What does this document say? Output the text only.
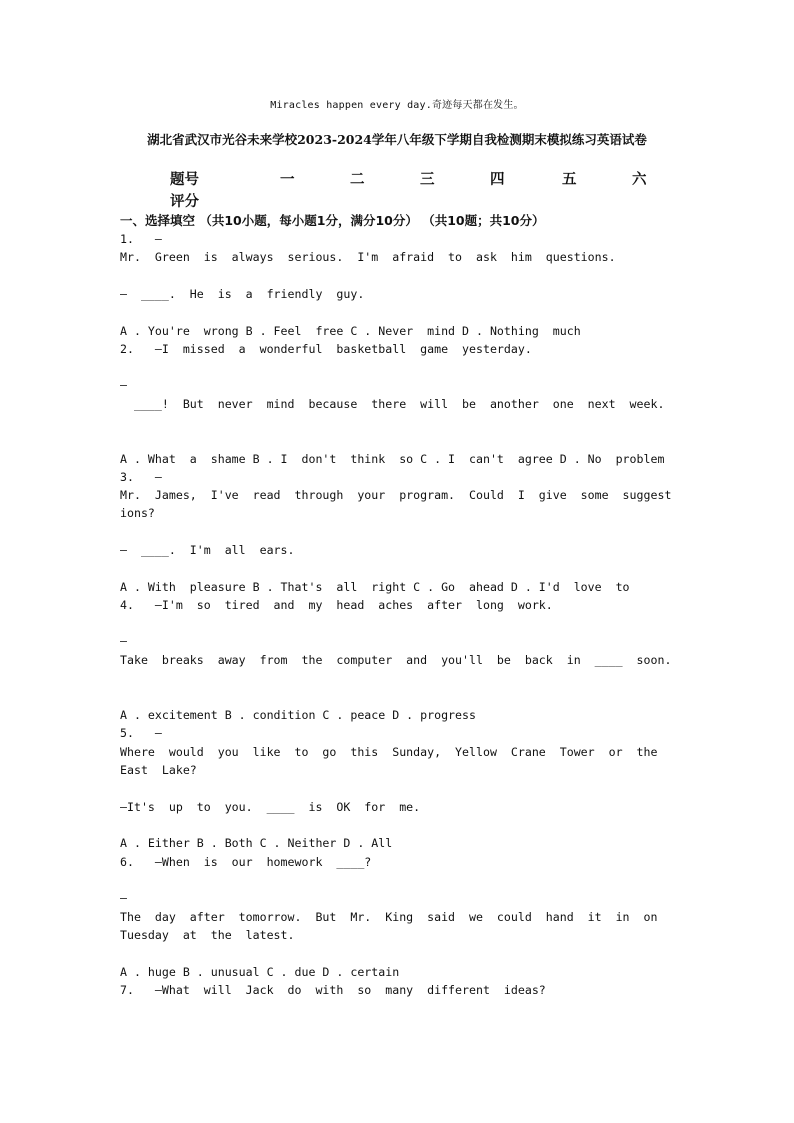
Miracles happen every day.奇迹每天都在发生。
湖北省武汉市光谷未来学校2023-2024学年八年级下学期自我检测期末模拟练习英语试卷
题号	一	二	三	四	五	六
评分
一、选择填空 （共10小题，每小题1分，满分10分） （共10题；共10分）
1.   —
Mr.  Green  is  always  serious.  I'm  afraid  to  ask  him  questions.
—  ____.  He  is  a  friendly  guy.
A . You're  wrong B . Feel  free C . Never  mind D . Nothing  much
2.   —I  missed  a  wonderful  basketball  game  yesterday.
—
____!  But  never  mind  because  there  will  be  another  one  next  week.
A . What  a  shame B . I  don't  think  so C . I  can't  agree D . No  problem
3.   —
Mr.  James,  I've  read  through  your  program.  Could  I  give  some  suggest
ions?
—  ____.  I'm  all  ears.
A . With  pleasure B . That's  all  right C . Go  ahead D . I'd  love  to
4.   —I'm  so  tired  and  my  head  aches  after  long  work.
—
Take  breaks  away  from  the  computer  and  you'll  be  back  in  ____  soon.
A . excitement B . condition C . peace D . progress
5.   —
Where  would  you  like  to  go  this  Sunday,  Yellow  Crane  Tower  or  the
East  Lake?
—It's  up  to  you.  ____  is  OK  for  me.
A . Either B . Both C . Neither D . All
6.   —When  is  our  homework  ____?
—
The  day  after  tomorrow.  But  Mr.  King  said  we  could  hand  it  in  on
Tuesday  at  the  latest.
A . huge B . unusual C . due D . certain
7.   —What  will  Jack  do  with  so  many  different  ideas?
